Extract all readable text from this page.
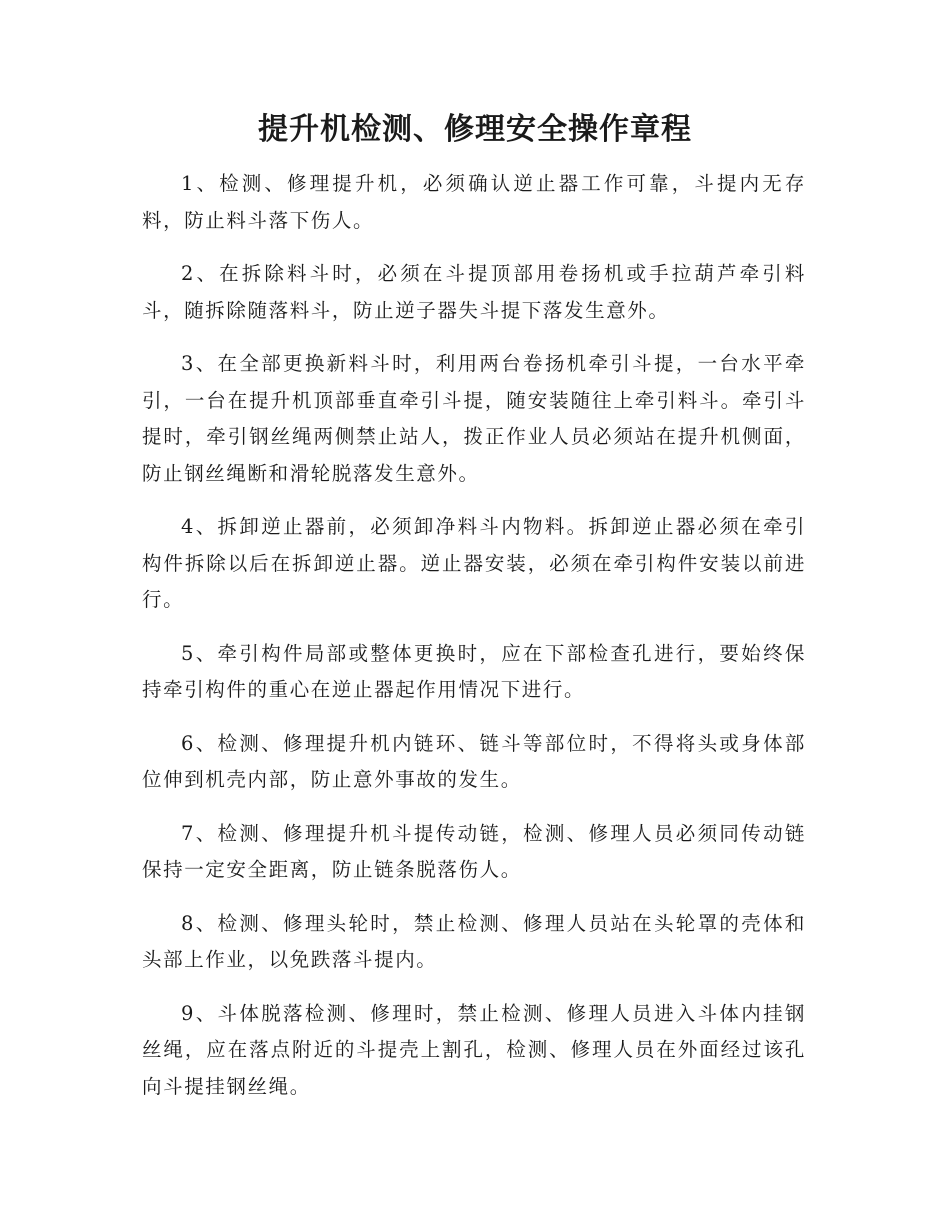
提升机检测、修理安全操作章程

1、检测、修理提升机，必须确认逆止器工作可靠，斗提内无存料，防止料斗落下伤人。

2、在拆除料斗时，必须在斗提顶部用卷扬机或手拉葫芦牵引料斗，随拆除随落料斗，防止逆子器失斗提下落发生意外。

3、在全部更换新料斗时，利用两台卷扬机牵引斗提，一台水平牵引，一台在提升机顶部垂直牵引斗提，随安装随往上牵引料斗。牵引斗提时，牵引钢丝绳两侧禁止站人，拨正作业人员必须站在提升机侧面，防止钢丝绳断和滑轮脱落发生意外。

4、拆卸逆止器前，必须卸净料斗内物料。拆卸逆止器必须在牵引构件拆除以后在拆卸逆止器。逆止器安装，必须在牵引构件安装以前进行。

5、牵引构件局部或整体更换时，应在下部检查孔进行，要始终保持牵引构件的重心在逆止器起作用情况下进行。

6、检测、修理提升机内链环、链斗等部位时，不得将头或身体部位伸到机壳内部，防止意外事故的发生。

7、检测、修理提升机斗提传动链，检测、修理人员必须同传动链保持一定安全距离，防止链条脱落伤人。

8、检测、修理头轮时，禁止检测、修理人员站在头轮罩的壳体和头部上作业，以免跌落斗提内。

9、斗体脱落检测、修理时，禁止检测、修理人员进入斗体内挂钢丝绳，应在落点附近的斗提壳上割孔，检测、修理人员在外面经过该孔向斗提挂钢丝绳。
